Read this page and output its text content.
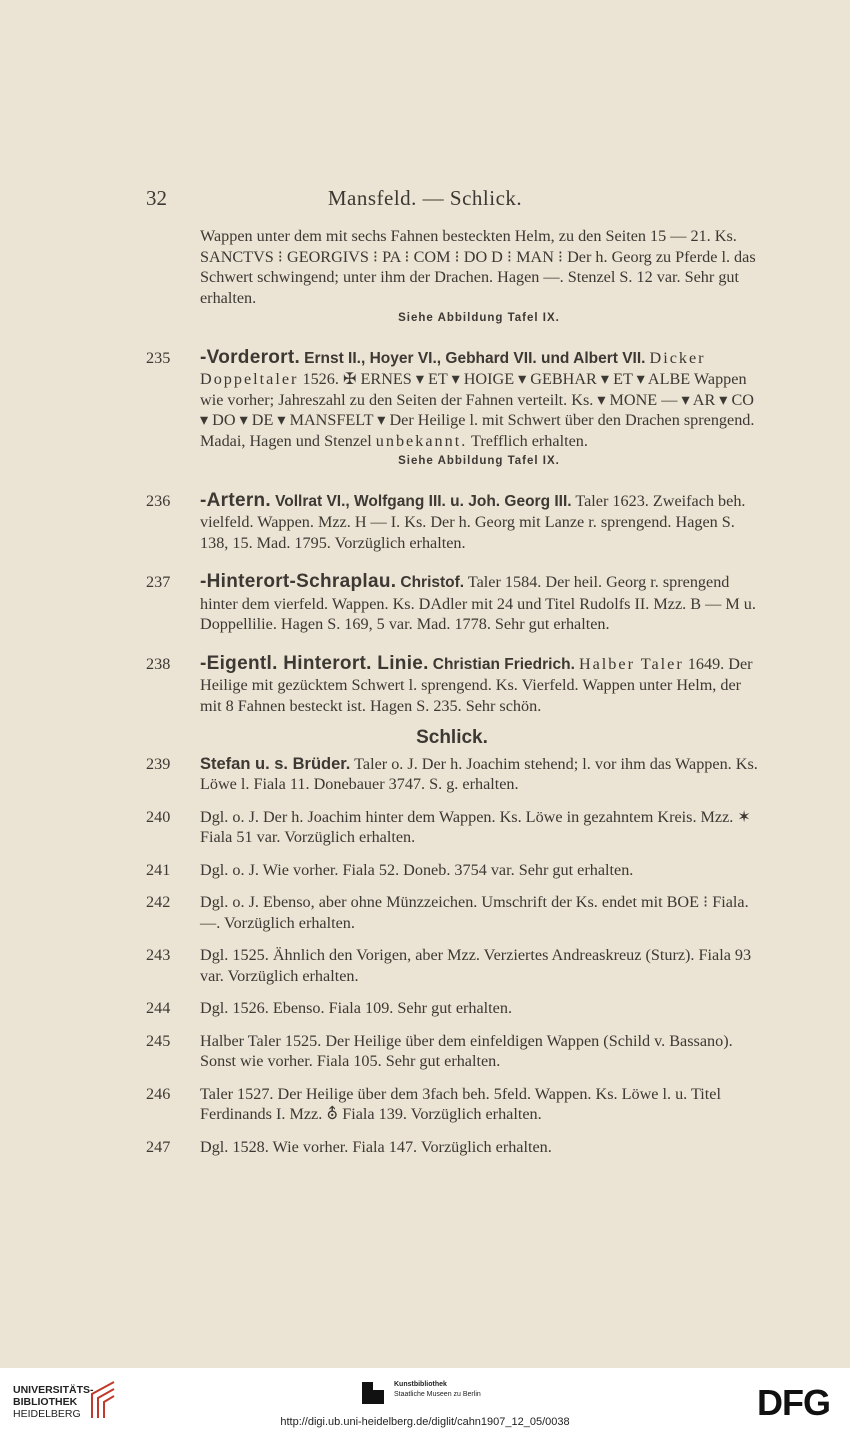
32	Mansfeld. — Schlick.
Wappen unter dem mit sechs Fahnen besteckten Helm, zu den Seiten 15 — 21. Ks. SANCTVS ⁝ GEORGIVS ⁝ PA ⁝ COM ⁝ DO D ⁝ MAN ⁝ Der h. Georg zu Pferde l. das Schwert schwingend; unter ihm der Drachen. Hagen —. Stenzel S. 12 var. Sehr gut erhalten.
Siehe Abbildung Tafel IX.
235	-Vorderort. Ernst II., Hoyer VI., Gebhard VII. und Albert VII. Dicker Doppeltaler 1526. ✠ ERNES ▾ ET ▾ HOIGE ▾ GEBHAR ▾ ET ▾ ALBE Wappen wie vorher; Jahreszahl zu den Seiten der Fahnen verteilt. Ks. ▾ MONE — ▾ AR ▾ CO ▾ DO ▾ DE ▾ MANSFELT ▾ Der Heilige l. mit Schwert über den Drachen sprengend. Madai, Hagen und Stenzel unbekannt. Trefflich erhalten.
Siehe Abbildung Tafel IX.
236	-Artern. Vollrat VI., Wolfgang III. u. Joh. Georg III. Taler 1623. Zweifach beh. vielfeld. Wappen. Mzz. H — I. Ks. Der h. Georg mit Lanze r. sprengend. Hagen S. 138, 15. Mad. 1795. Vorzüglich erhalten.
237	-Hinterort-Schraplau. Christof. Taler 1584. Der heil. Georg r. sprengend hinter dem vierfeld. Wappen. Ks. DAdler mit 24 und Titel Rudolfs II. Mzz. B — M u. Doppellilie. Hagen S. 169, 5 var. Mad. 1778. Sehr gut erhalten.
238	-Eigentl. Hinterort. Linie. Christian Friedrich. Halber Taler 1649. Der Heilige mit gezücktem Schwert l. sprengend. Ks. Vierfeld. Wappen unter Helm, der mit 8 Fahnen besteckt ist. Hagen S. 235. Sehr schön.
Schlick.
239	Stefan u. s. Brüder. Taler o. J. Der h. Joachim stehend; l. vor ihm das Wappen. Ks. Löwe l. Fiala 11. Donebauer 3747. S. g. erhalten.
240	Dgl. o. J. Der h. Joachim hinter dem Wappen. Ks. Löwe in gezahntem Kreis. Mzz. ✶ Fiala 51 var. Vorzüglich erhalten.
241	Dgl. o. J. Wie vorher. Fiala 52. Doneb. 3754 var. Sehr gut erhalten.
242	Dgl. o. J. Ebenso, aber ohne Münzzeichen. Umschrift der Ks. endet mit BOE ⁝ Fiala. —. Vorzüglich erhalten.
243	Dgl. 1525. Ähnlich den Vorigen, aber Mzz. Verziertes Andreaskreuz (Sturz). Fiala 93 var. Vorzüglich erhalten.
244	Dgl. 1526. Ebenso. Fiala 109. Sehr gut erhalten.
245	Halber Taler 1525. Der Heilige über dem einfeldigen Wappen (Schild v. Bassano). Sonst wie vorher. Fiala 105. Sehr gut erhalten.
246	Taler 1527. Der Heilige über dem 3fach beh. 5feld. Wappen. Ks. Löwe l. u. Titel Ferdinands I. Mzz. ⛢ Fiala 139. Vorzüglich erhalten.
247	Dgl. 1528. Wie vorher. Fiala 147. Vorzüglich erhalten.
UNIVERSITÄTS-
BIBLIOTHEK
HEIDELBERG
Kunstbibliothek
Staatliche Museen zu Berlin	DFG
http://digi.ub.uni-heidelberg.de/diglit/cahn1907_12_05/0038
